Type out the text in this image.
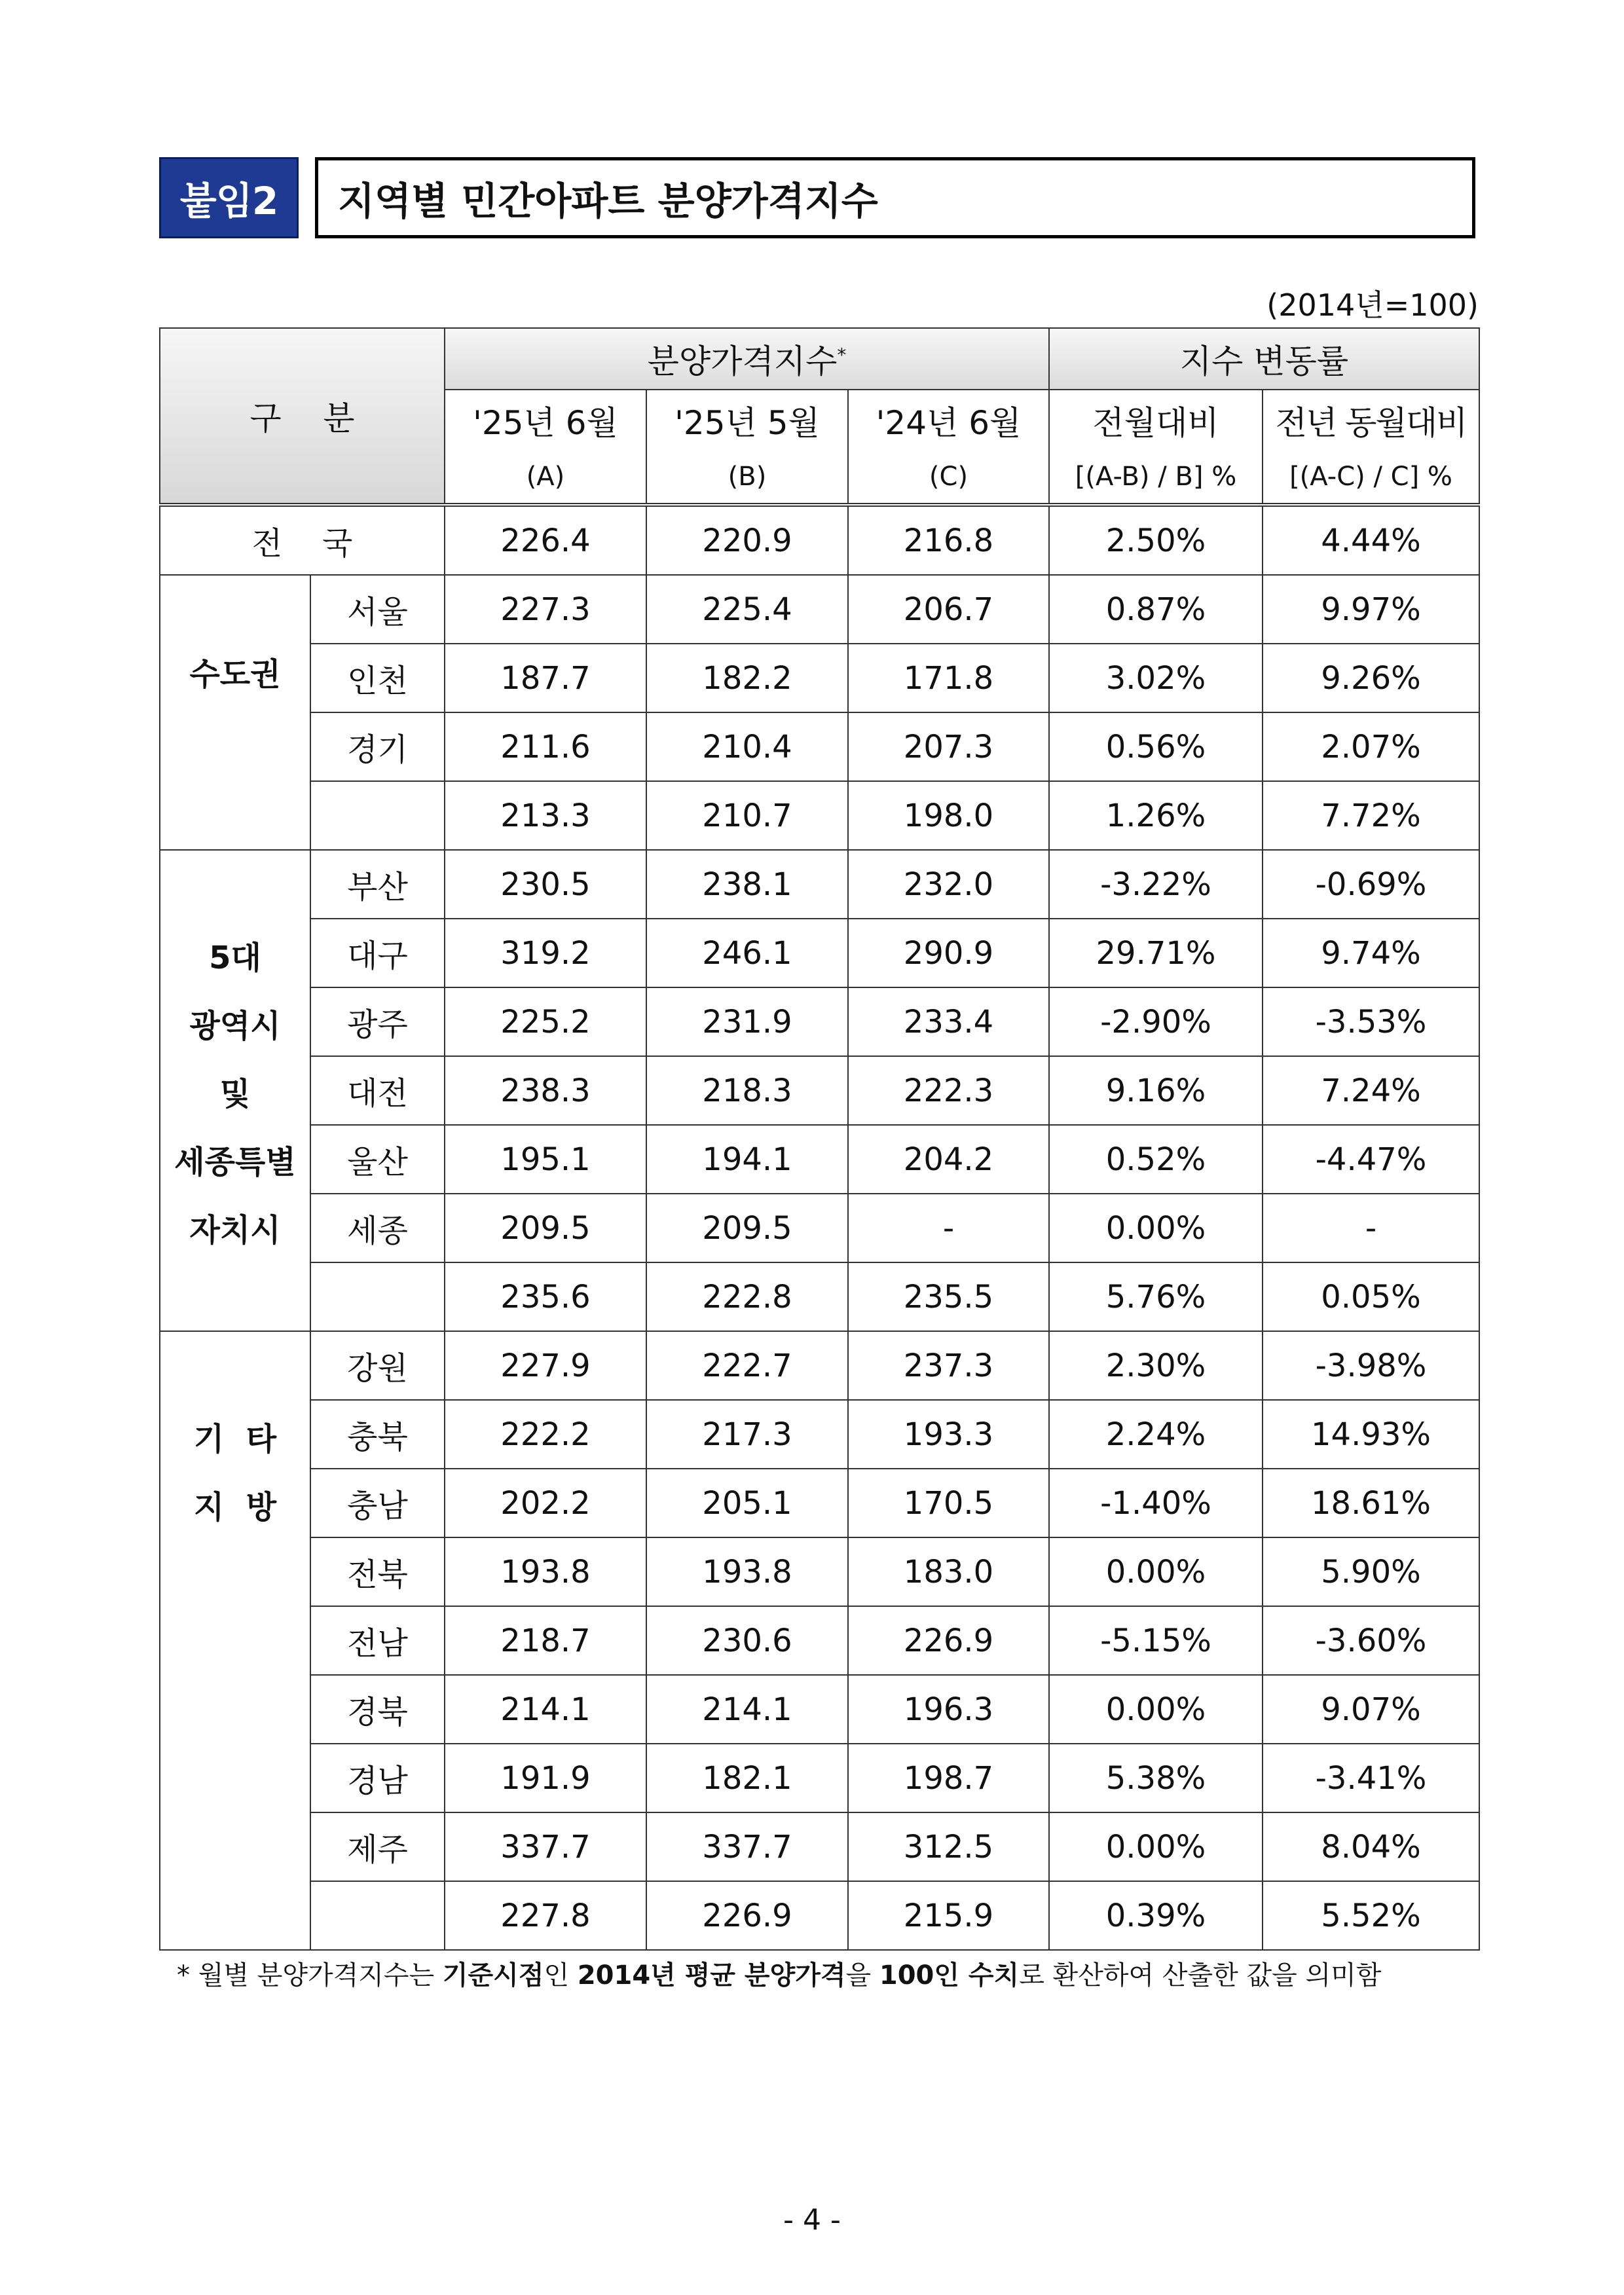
붙임2	지역별 민간아파트 분양가격지수
(2014년=100)
구    분		분양가격지수*			지수 변동률	
		'25년 6월	'25년 5월	'24년 6월	전월대비	전년 동월대비
		(A)	(B)	(C)	[(A-B) / B] %	[(A-C) / C] %
전    국		226.4	220.9	216.8	2.50%	4.44%
수도권	서울	227.3	225.4	206.7	0.87%	9.97%
	인천	187.7	182.2	171.8	3.02%	9.26%
	경기	211.6	210.4	207.3	0.56%	2.07%
		213.3	210.7	198.0	1.26%	7.72%

5대
광역시
및
세종특별
자치시	부산	230.5	238.1	232.0	-3.22%	-0.69%
	대구	319.2	246.1	290.9	29.71%	9.74%
	광주	225.2	231.9	233.4	-2.90%	-3.53%
	대전	238.3	218.3	222.3	9.16%	7.24%
	울산	195.1	194.1	204.2	0.52%	-4.47%
	세종	209.5	209.5	-	0.00%	-
		235.6	222.8	235.5	5.76%	0.05%

기  타
지  방	강원	227.9	222.7	237.3	2.30%	-3.98%
	충북	222.2	217.3	193.3	2.24%	14.93%
	충남	202.2	205.1	170.5	-1.40%	18.61%
	전북	193.8	193.8	183.0	0.00%	5.90%
	전남	218.7	230.6	226.9	-5.15%	-3.60%
	경북	214.1	214.1	196.3	0.00%	9.07%
	경남	191.9	182.1	198.7	5.38%	-3.41%
	제주	337.7	337.7	312.5	0.00%	8.04%
		227.8	226.9	215.9	0.39%	5.52%
* 월별 분양가격지수는 기준시점인 2014년 평균 분양가격을 100인 수치로 환산하여 산출한 값을 의미함
- 4 -
